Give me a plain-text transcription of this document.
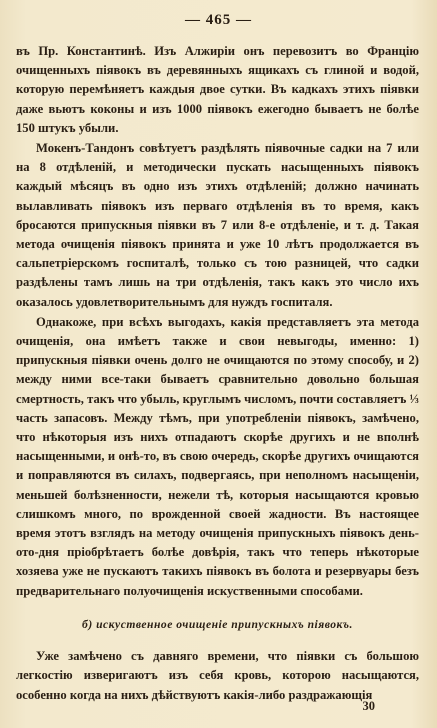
— 465 —

въ Пр. Константинѣ. Изъ Алжиріи онъ перевозитъ во Францію очищенныхъ піявокъ въ деревянныхъ ящикахъ съ глиной и водой, которую перемѣняетъ каждыя двое сутки. Въ кадкахъ этихъ піявки даже вьютъ коконы и изъ 1000 піявокъ ежегодно бываетъ не болѣе 150 штукъ убыли.

Мокенъ-Тандонъ совѣтуетъ раздѣлять піявочные садки на 7 или на 8 отдѣленій, и методически пускать насыщенныхъ піявокъ каждый мѣсяцъ въ одно изъ этихъ отдѣленій; должно начинать вылавливать піявокъ изъ перваго отдѣленія въ то время, какъ бросаются припускныя піявки въ 7 или 8-е отдѣленіе, и т. д. Такая метода очищенія піявокъ принята и уже 10 лѣтъ продолжается въ сальпетріерскомъ госпиталѣ, только съ тою разницей, что садки раздѣлены тамъ лишь на три отдѣленія, такъ какъ это число ихъ оказалось удовлетворительнымъ для нуждъ госпиталя.

Однакоже, при всѣхъ выгодахъ, какія представляетъ эта метода очищенія, она имѣетъ также и свои невыгоды, именно: 1) припускныя піявки очень долго не очищаются по этому способу, и 2) между ними все-таки бываетъ сравнительно довольно большая смертность, такъ что убыль, круглымъ числомъ, почти составляетъ ⅓ часть запасовъ. Между тѣмъ, при употребленіи піявокъ, замѣчено, что нѣкоторыя изъ нихъ отпадаютъ скорѣе другихъ и не вполнѣ насыщенными, и онѣ-то, въ свою очередь, скорѣе другихъ очищаются и поправляются въ силахъ, подвергаясь, при неполномъ насыщеніи, меньшей болѣзненности, нежели тѣ, которыя насыщаются кровью слишкомъ много, по врожденной своей жадности. Въ настоящее время этотъ взглядъ на методу очищенія припускныхъ піявокъ день-ото-дня пріобрѣтаетъ болѣе довѣрія, такъ что теперь нѣкоторые хозяева уже не пускаютъ такихъ піявокъ въ болота и резервуары безъ предварительнаго полуочищенія искуственными способами.

б) искуственное очищеніе припускныхъ піявокъ.

Уже замѣчено съ давняго времени, что піявки съ большою легкостію изверигаютъ изъ себя кровь, которою насыщаются, особенно когда на нихъ дѣйствуютъ какія-либо раздражающія

30
